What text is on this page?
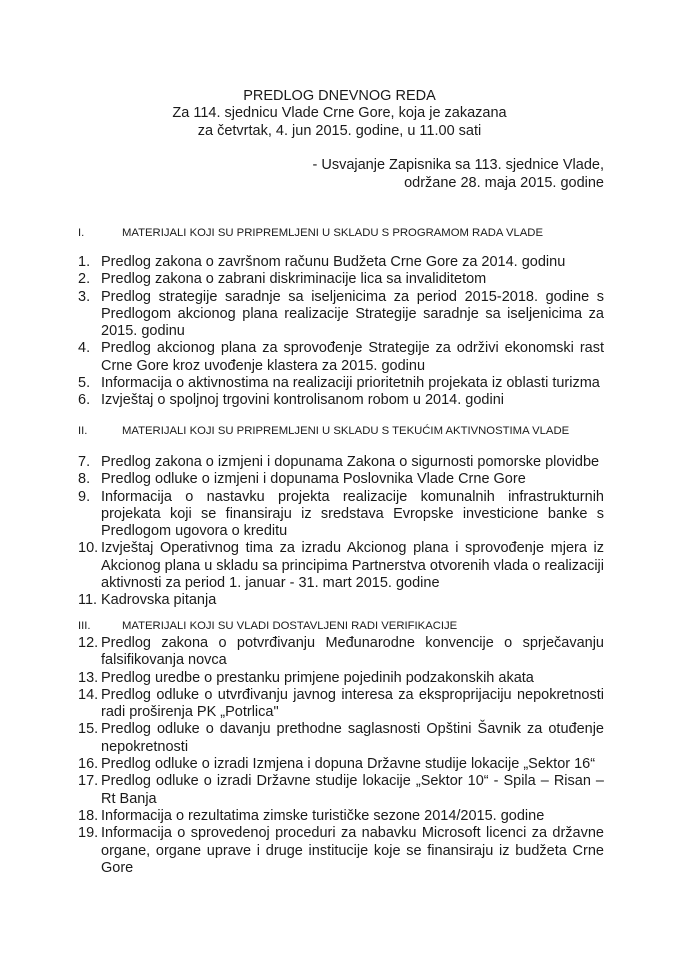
PREDLOG DNEVNOG REDA
Za 114. sjednicu Vlade Crne Gore, koja je zakazana
za četvrtak, 4. jun 2015. godine, u 11.00 sati
- Usvajanje Zapisnika sa 113. sjednice Vlade,
održane 28. maja 2015. godine
I.	MATERIJALI KOJI SU PRIPREMLJENI U SKLADU S PROGRAMOM RADA VLADE
1. Predlog zakona o završnom računu Budžeta Crne Gore za 2014. godinu
2. Predlog zakona o zabrani diskriminacije lica sa invaliditetom
3. Predlog strategije saradnje sa iseljenicima za period 2015-2018. godine s Predlogom akcionog plana realizacije Strategije saradnje sa iseljenicima za 2015. godinu
4. Predlog akcionog plana za sprovođenje Strategije za održivi ekonomski rast Crne Gore kroz uvođenje klastera za 2015. godinu
5. Informacija o aktivnostima na realizaciji prioritetnih projekata iz oblasti turizma
6. Izvještaj o spoljnoj trgovini kontrolisanom robom u 2014. godini
II.	MATERIJALI KOJI SU PRIPREMLJENI U SKLADU S TEKUĆIM AKTIVNOSTIMA VLADE
7. Predlog zakona o izmjeni i dopunama Zakona o sigurnosti pomorske plovidbe
8. Predlog odluke o izmjeni i dopunama Poslovnika Vlade Crne Gore
9. Informacija o nastavku projekta realizacije komunalnih infrastrukturnih projekata koji se finansiraju iz sredstava Evropske investicione banke s Predlogom ugovora o kreditu
10. Izvještaj Operativnog tima za izradu Akcionog plana i sprovođenje mjera iz Akcionog plana u skladu sa principima Partnerstva otvorenih vlada o realizaciji aktivnosti za period 1. januar - 31. mart 2015. godine
11. Kadrovska pitanja
III.	MATERIJALI KOJI SU VLADI DOSTAVLJENI RADI VERIFIKACIJE
12. Predlog zakona o potvrđivanju Međunarodne konvencije o sprječavanju falsifikovanja novca
13. Predlog uredbe o prestanku primjene pojedinih podzakonskih akata
14. Predlog odluke o utvrđivanju javnog interesa za eksproprijaciju nepokretnosti radi proširenja PK „Potrlica"
15. Predlog odluke o davanju prethodne saglasnosti Opštini Šavnik za otuđenje nepokretnosti
16. Predlog odluke o izradi Izmjena i dopuna Državne studije lokacije „Sektor 16“
17. Predlog odluke o izradi Državne studije lokacije „Sektor 10“ - Spila – Risan – Rt Banja
18. Informacija o rezultatima zimske turističke sezone 2014/2015. godine
19. Informacija o sprovedenoj proceduri za nabavku Microsoft licenci za državne organe, organe uprave i druge institucije koje se finansiraju iz budžeta Crne Gore
